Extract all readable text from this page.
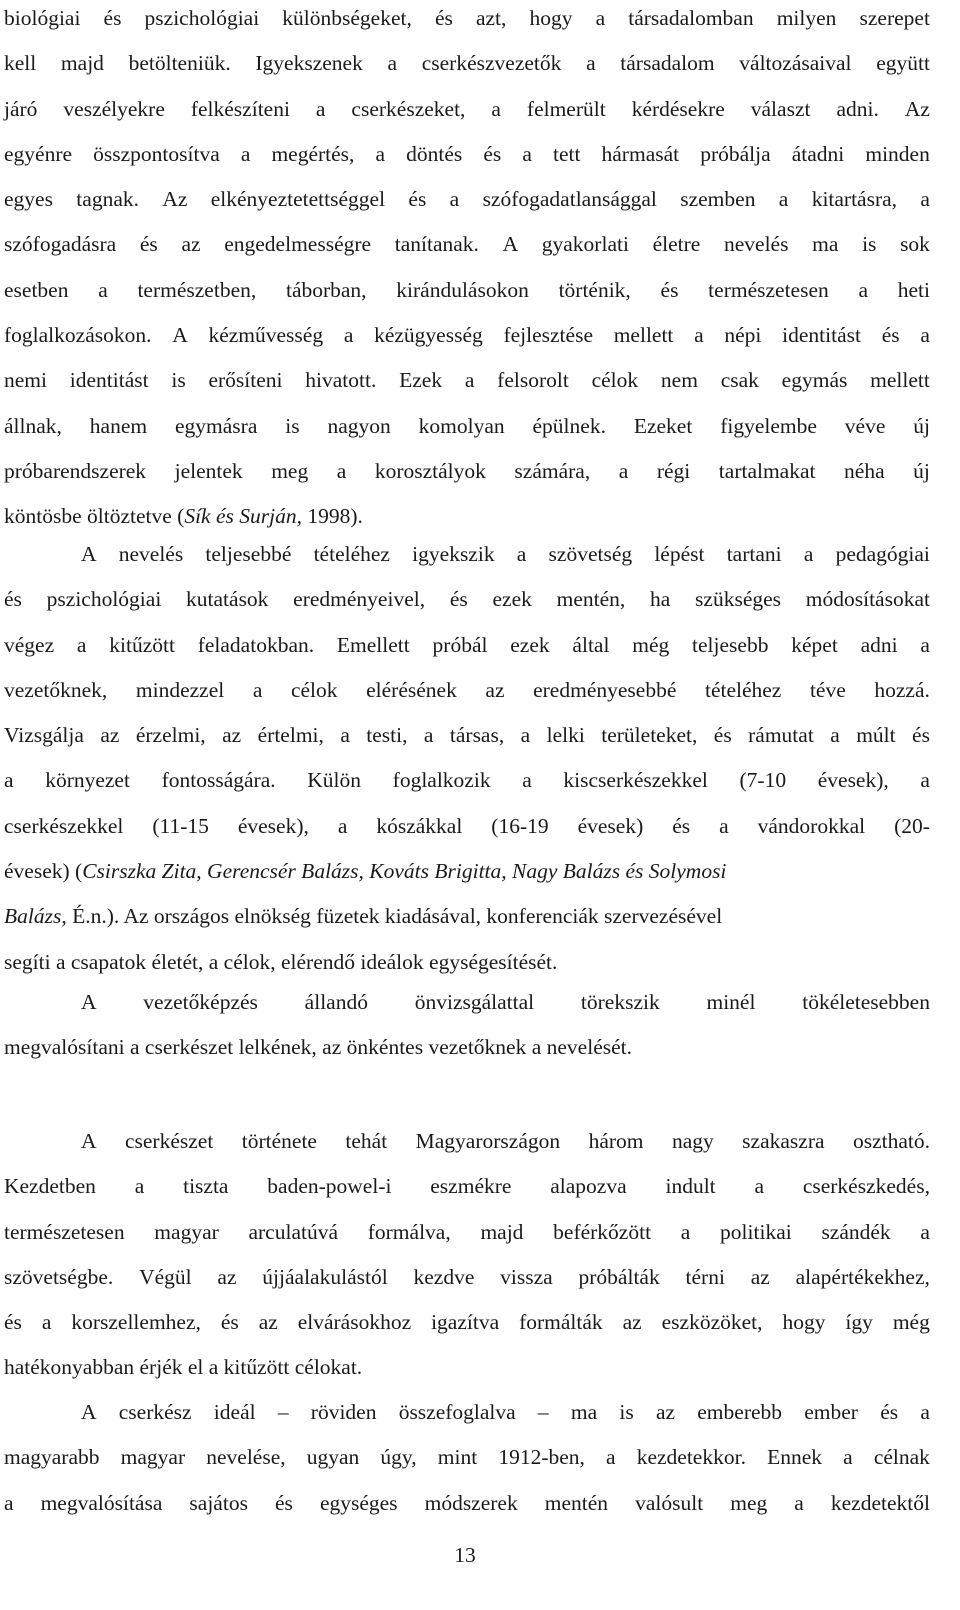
biológiai és pszichológiai különbségeket, és azt, hogy a társadalomban milyen szerepet
kell majd betölteniük. Igyekszenek a cserkészvezetők a társadalom változásaival együtt
járó veszélyekre felkészíteni a cserkészeket, a felmerült kérdésekre választ adni. Az
egyénre összpontosítva a megértés, a döntés és a tett hármasát próbálja átadni minden
egyes tagnak. Az elkényeztetettséggel és a szófogadatlansággal szemben a kitartásra, a
szófogadásra és az engedelmességre tanítanak. A gyakorlati életre nevelés ma is sok
esetben a természetben, táborban, kirándulásokon történik, és természetesen a heti
foglalkozásokon. A kézművesség a kézügyesség fejlesztése mellett a népi identitást és a
nemi identitást is erősíteni hivatott. Ezek a felsorolt célok nem csak egymás mellett
állnak, hanem egymásra is nagyon komolyan épülnek. Ezeket figyelembe véve új
próbarendszerek jelentek meg a korosztályok számára, a régi tartalmakat néha új
köntösbe öltöztetve (Sík és Surján, 1998).
A nevelés teljesebbé tételéhez igyekszik a szövetség lépést tartani a pedagógiai
és pszichológiai kutatások eredményeivel, és ezek mentén, ha szükséges módosításokat
végez a kitűzött feladatokban. Emellett próbál ezek által még teljesebb képet adni a
vezetőknek, mindezzel a célok elérésének az eredményesebbé tételéhez téve hozzá.
Vizsgálja az érzelmi, az értelmi, a testi, a társas, a lelki területeket, és rámutat a múlt és
a környezet fontosságára. Külön foglalkozik a kiscserkészekkel (7-10 évesek), a
cserkészekkel (11-15 évesek), a kószákkal (16-19 évesek) és a vándorokkal (20-
évesek) ( Csirszka Zita, Gerencsér Balázs, Kováts Brigitta, Nagy Balázs és Solymosi
Balázs , É.n.). Az országos elnökség füzetek kiadásával, konferenciák szervezésével
segíti a csapatok életét, a célok, elérendő ideálok egységesítését.
A vezetőképzés állandó önvizsgálattal törekszik minél tökéletesebben
megvalósítani a cserkészet lelkének, az önkéntes vezetőknek a nevelését.
A cserkészet története tehát Magyarországon három nagy szakaszra osztható.
Kezdetben a tiszta baden-powel-i eszmékre alapozva indult a cserkészkedés,
természetesen magyar arculatúvá formálva, majd beférkőzött a politikai szándék a
szövetségbe. Végül az újjáalakulástól kezdve vissza próbálták térni az alapértékekhez,
és a korszellemhez, és az elvárásokhoz igazítva formálták az eszközöket, hogy így még
hatékonyabban érjék el a kitűzött célokat.
A cserkész ideál – röviden összefoglalva – ma is az emberebb ember és a
magyarabb magyar nevelése, ugyan úgy, mint 1912-ben, a kezdetekkor. Ennek a célnak
a megvalósítása sajátos és egységes módszerek mentén valósult meg a kezdetektől
13
